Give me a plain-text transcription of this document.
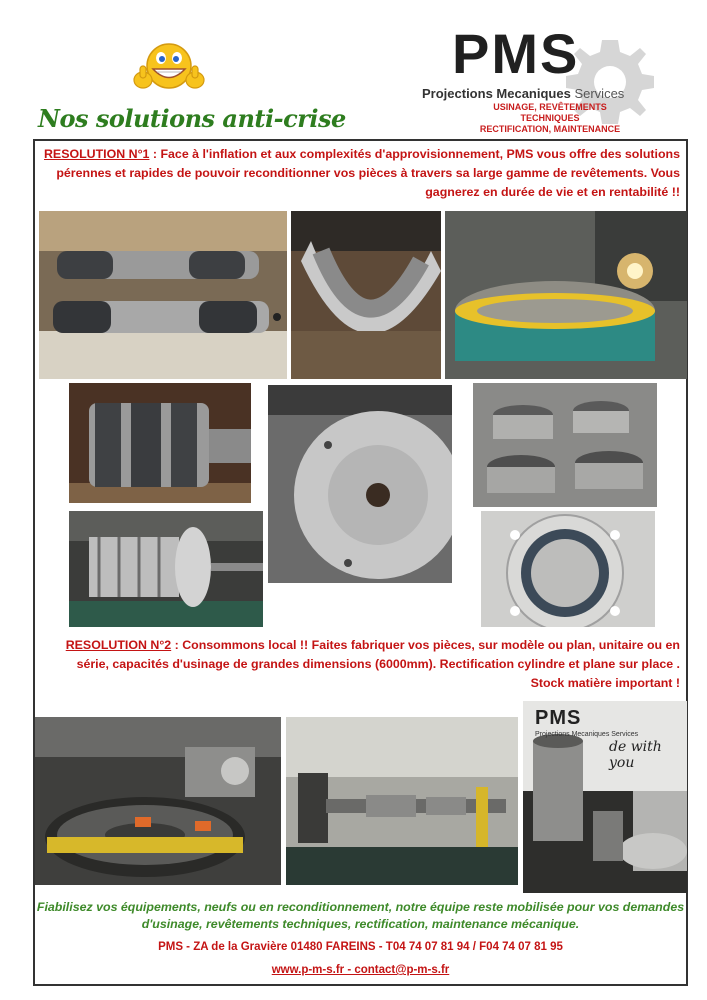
Nos solutions anti-crise
PMS
Projections Mecaniques Services
USINAGE, REVÊTEMENTS TECHNIQUES
RECTIFICATION, MAINTENANCE
RESOLUTION N°1 : Face à l'inflation et aux complexités d'approvisionnement, PMS vous offre des solutions pérennes et rapides de pouvoir reconditionner vos pièces à travers sa large gamme de revêtements. Vous gagnerez en durée de vie et en rentabilité !!
RESOLUTION N°2 : Consommons local !! Faites fabriquer vos pièces, sur modèle ou plan, unitaire ou en série, capacités d'usinage de grandes dimensions (6000mm). Rectification cylindre et plane sur place . Stock matière important !
PMS
Projections Mecaniques Services
de with you
Fiabilisez vos équipements, neufs ou en reconditionnement, notre équipe reste mobilisée pour vos demandes d'usinage, revêtements techniques, rectification, maintenance mécanique.
PMS - ZA de la Gravière 01480 FAREINS - T04 74 07 81 94 / F04 74 07 81 95
www.p-m-s.fr - contact@p-m-s.fr
